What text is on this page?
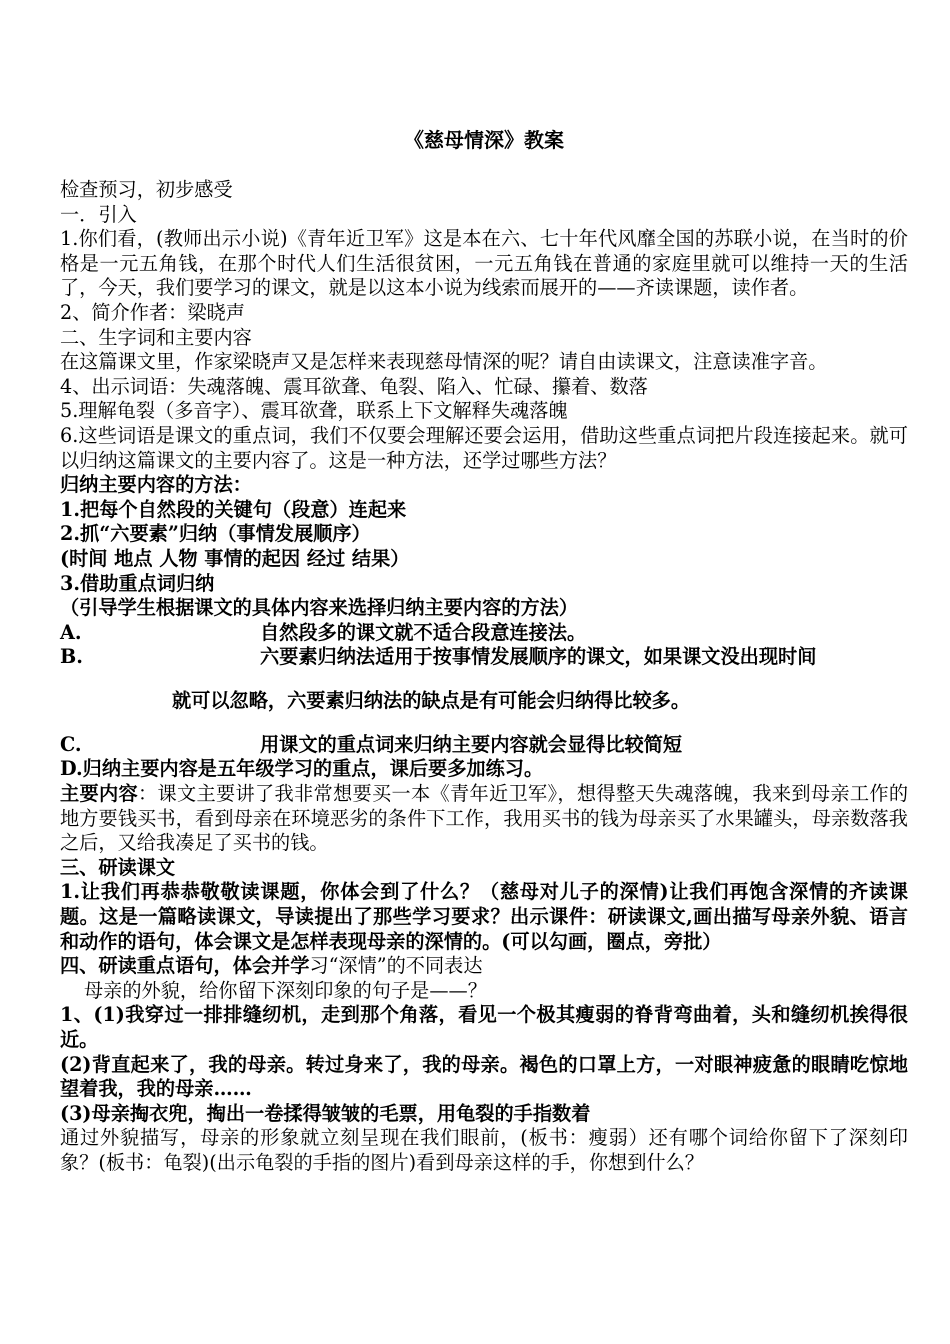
《慈母情深》教案

检查预习，初步感受

一．引入

1.你们看，(教师出示小说)《青年近卫军》这是本在六、七十年代风靡全国的苏联小说，在当时的价格是一元五角钱，在那个时代人们生活很贫困，一元五角钱在普通的家庭里就可以维持一天的生活了，今天，我们要学习的课文，就是以这本小说为线索而展开的——齐读课题，读作者。

2、简介作者：梁晓声

二、生字词和主要内容

在这篇课文里，作家梁晓声又是怎样来表现慈母情深的呢？请自由读课文，注意读准字音。

4、出示词语：失魂落魄、震耳欲聋、龟裂、陷入、忙碌、攥着、数落

5.理解龟裂（多音字）、震耳欲聋，联系上下文解释失魂落魄

6.这些词语是课文的重点词，我们不仅要会理解还要会运用，借助这些重点词把片段连接起来。就可以归纳这篇课文的主要内容了。这是一种方法，还学过哪些方法？

归纳主要内容的方法：

1.把每个自然段的关键句（段意）连起来

2.抓“六要素”归纳（事情发展顺序）

(时间 地点 人物 事情的起因 经过 结果）

3.借助重点词归纳

（引导学生根据课文的具体内容来选择归纳主要内容的方法）

A.	自然段多的课文就不适合段意连接法。
B.	六要素归纳法适用于按事情发展顺序的课文，如果课文没出现时间

就可以忽略，六要素归纳法的缺点是有可能会归纳得比较多。

C.	用课文的重点词来归纳主要内容就会显得比较简短

D.归纳主要内容是五年级学习的重点，课后要多加练习。

主要内容：课文主要讲了我非常想要买一本《青年近卫军》，想得整天失魂落魄，我来到母亲工作的地方要钱买书，看到母亲在环境恶劣的条件下工作，我用买书的钱为母亲买了水果罐头，母亲数落我之后，又给我凑足了买书的钱。

三、研读课文

1.让我们再恭恭敬敬读课题，你体会到了什么？（慈母对儿子的深情)让我们再饱含深情的齐读课题。这是一篇略读课文，导读提出了那些学习要求？出示课件：研读课文,画出描写母亲外貌、语言和动作的语句，体会课文是怎样表现母亲的深情的。(可以勾画，圈点，旁批）

四、研读重点语句，体会并学习“深情”的不同表达

母亲的外貌，给你留下深刻印象的句子是——？

1、(1)我穿过一排排缝纫机，走到那个角落，看见一个极其瘦弱的脊背弯曲着，头和缝纫机挨得很近。

(2)背直起来了，我的母亲。转过身来了，我的母亲。褐色的口罩上方，一对眼神疲惫的眼睛吃惊地望着我，我的母亲……

(3)母亲掏衣兜，掏出一卷揉得皱皱的毛票，用龟裂的手指数着

通过外貌描写，母亲的形象就立刻呈现在我们眼前，(板书：瘦弱）还有哪个词给你留下了深刻印象？(板书：龟裂)(出示龟裂的手指的图片)看到母亲这样的手，你想到什么？
